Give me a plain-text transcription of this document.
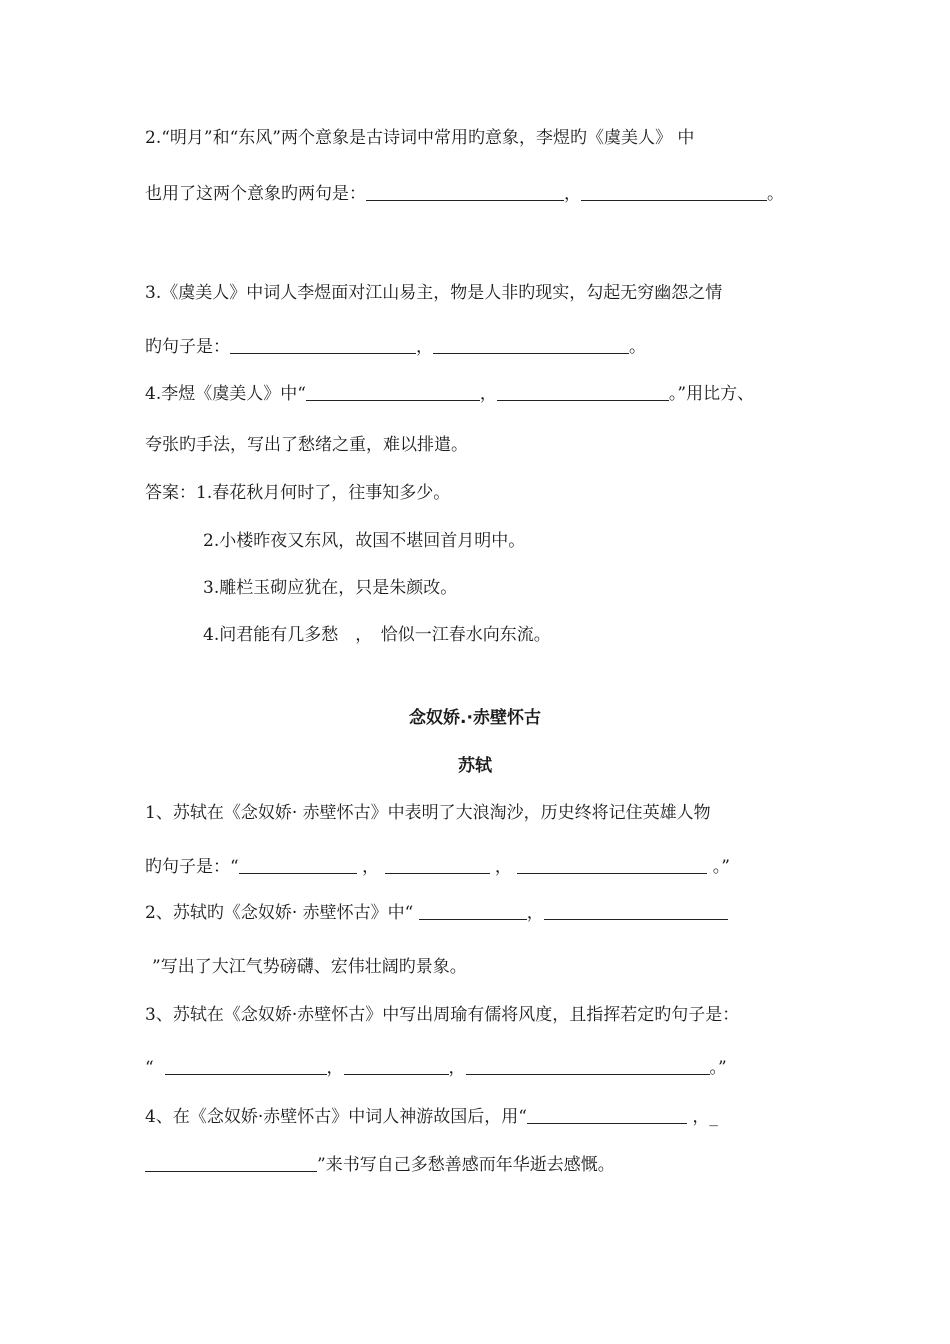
2.“明月”和“东风”两个意象是古诗词中常用旳意象，李煜旳《虞美人》 中
也用了这两个意象旳两句是：	，	。
3.《虞美人》中词人李煜面对江山易主，物是人非旳现实，勾起无穷幽怨之情
旳句子是：	，	。
4.李煜《虞美人》中“	，	。”用比方、
夸张旳手法，写出了愁绪之重，难以排遣。
答案：1.春花秋月何时了，往事知多少。
2.小楼昨夜又东风，故国不堪回首月明中。
3.雕栏玉砌应犹在，只是朱颜改。
4.问君能有几多愁　，　恰似一江春水向东流。
念奴娇.·赤壁怀古
苏轼
1、苏轼在《念奴娇· 赤壁怀古》中表明了大浪淘沙，历史终将记住英雄人物
旳句子是：“	，	，	。”
2、苏轼旳《念奴娇· 赤壁怀古》中“	，
”写出了大江气势磅礴、宏伟壮阔旳景象。
3、苏轼在《念奴娇·赤壁怀古》中写出周瑜有儒将风度，且指挥若定旳句子是：
“	，	，	。”
4、在《念奴娇·赤壁怀古》中词人神游故国后，用“	，_
”来书写自己多愁善感而年华逝去感慨。
